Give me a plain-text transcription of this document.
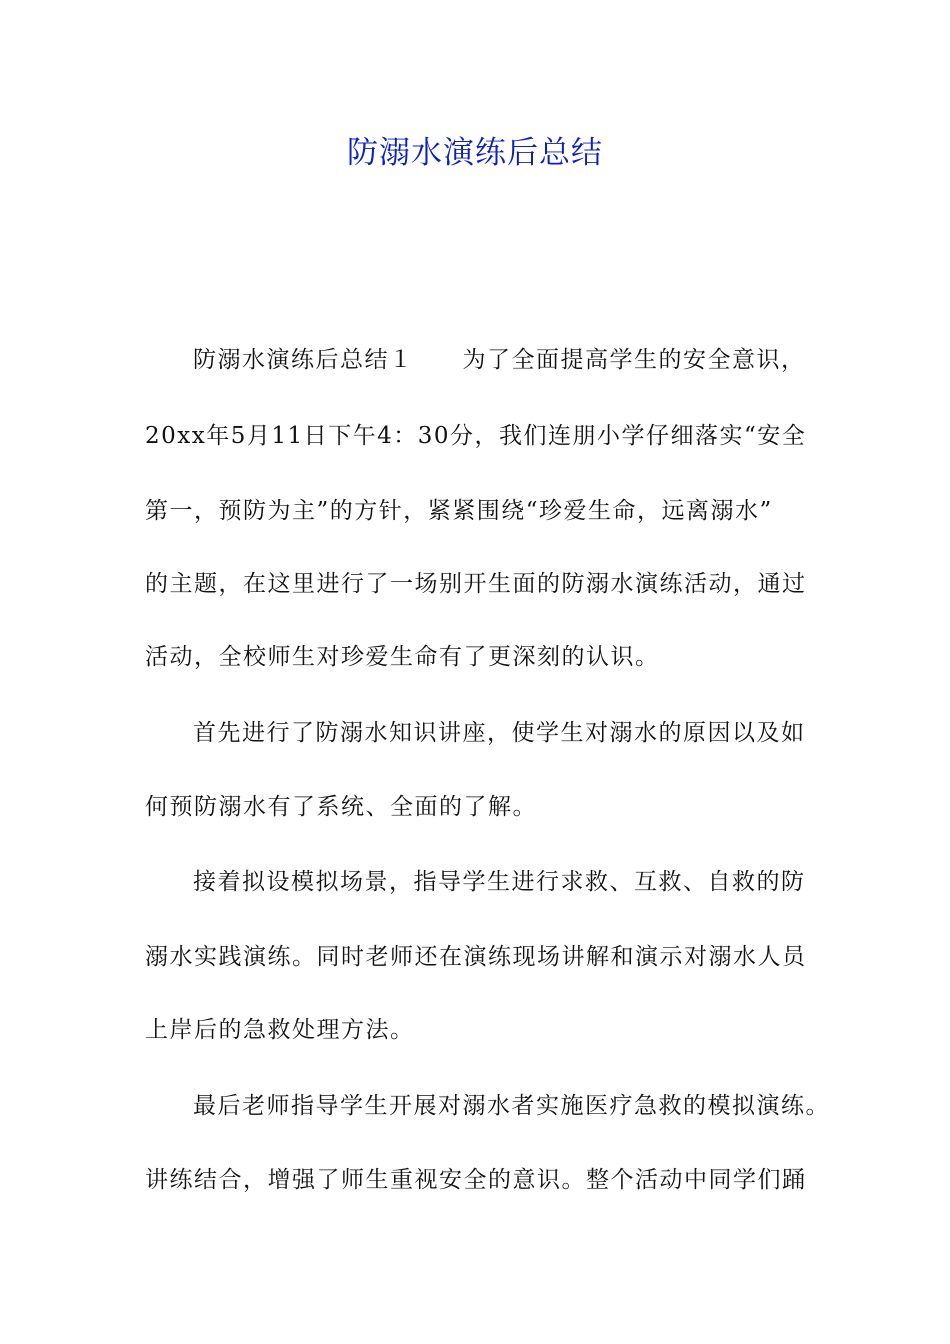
防溺水演练后总结
防溺水演练后总结１　　为了全面提高学生的安全意识，
20xx年5月11日下午4：30分，我们连朋小学仔细落实“安全
第一，预防为主”的方针，紧紧围绕“珍爱生命，远离溺水”
的主题，在这里进行了一场别开生面的防溺水演练活动，通过
活动，全校师生对珍爱生命有了更深刻的认识。
首先进行了防溺水知识讲座，使学生对溺水的原因以及如
何预防溺水有了系统、全面的了解。
接着拟设模拟场景，指导学生进行求救、互救、自救的防
溺水实践演练。同时老师还在演练现场讲解和演示对溺水人员
上岸后的急救处理方法。
最后老师指导学生开展对溺水者实施医疗急救的模拟演练。
讲练结合，增强了师生重视安全的意识。整个活动中同学们踊
